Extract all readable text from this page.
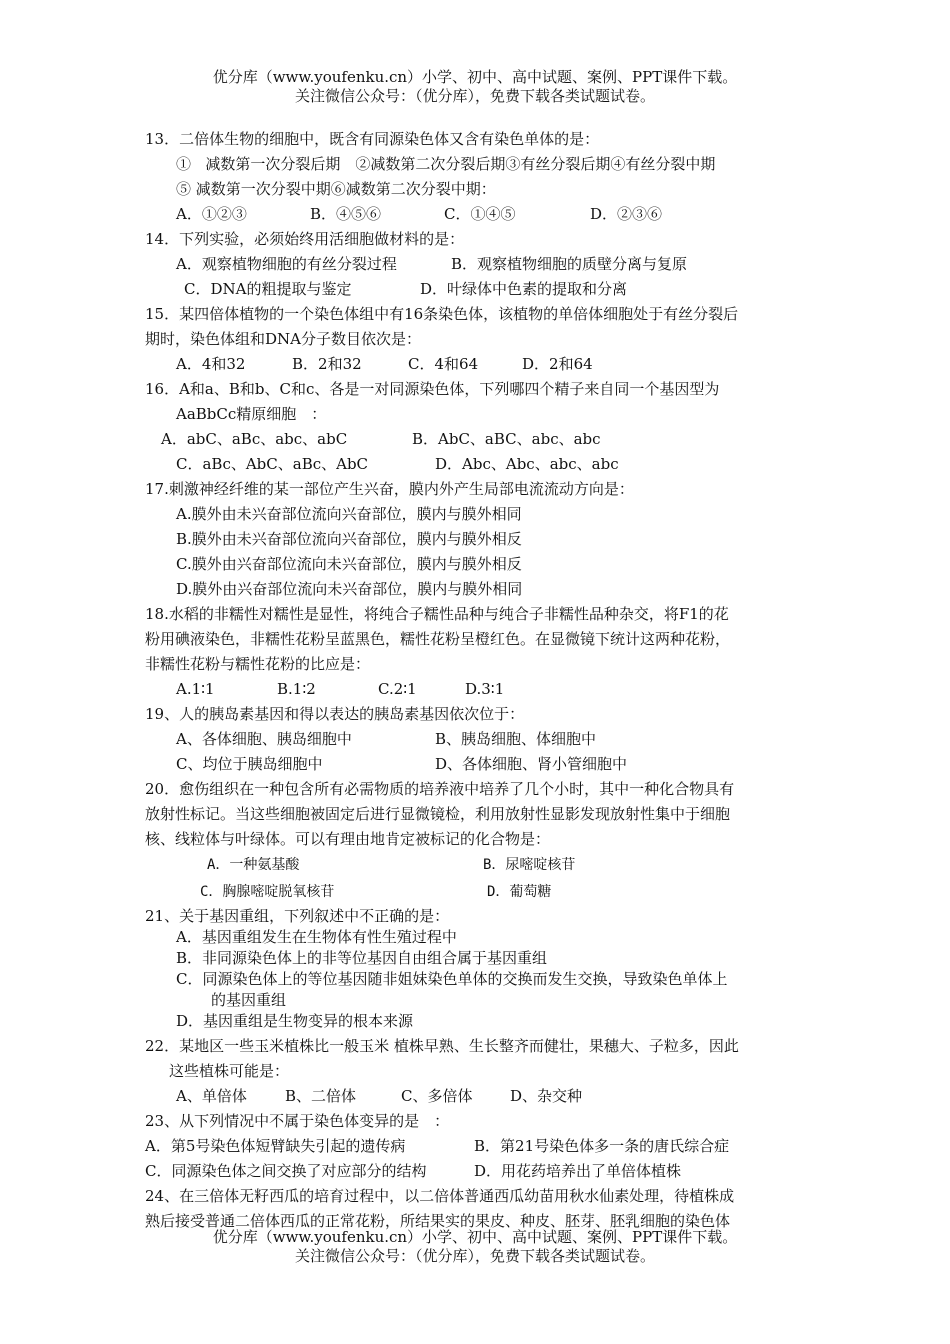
优分库（www.youfenku.cn）小学、初中、高中试题、案例、PPT课件下载。
关注微信公众号：（优分库），免费下载各类试题试卷。
13．二倍体生物的细胞中，既含有同源染色体又含有染色单体的是：
① 减数第一次分裂后期　②减数第二次分裂后期③有丝分裂后期④有丝分裂中期
⑤ 减数第一次分裂中期⑥减数第二次分裂中期：
A．①②③	B．④⑤⑥	C．①④⑤	D．②③⑥
14．下列实验，必须始终用活细胞做材料的是：
A．观察植物细胞的有丝分裂过程	B．观察植物细胞的质壁分离与复原
C．DNA的粗提取与鉴定	D．叶绿体中色素的提取和分离
15．某四倍体植物的一个染色体组中有16条染色体，该植物的单倍体细胞处于有丝分裂后
期时，染色体组和DNA分子数目依次是：
A．4和32	B．2和32	C．4和64	D．2和64
16．A和a、B和b、C和c、各是一对同源染色体，下列哪四个精子来自同一个基因型为
AaBbCc精原细胞　：
A．abC、aBc、abc、abC	B．AbC、aBC、abc、abc
C．aBc、AbC、aBc、AbC	D．Abc、Abc、abc、abc
17.刺激神经纤维的某一部位产生兴奋，膜内外产生局部电流流动方向是：
A.膜外由未兴奋部位流向兴奋部位，膜内与膜外相同
B.膜外由未兴奋部位流向兴奋部位，膜内与膜外相反
C.膜外由兴奋部位流向未兴奋部位，膜内与膜外相反
D.膜外由兴奋部位流向未兴奋部位，膜内与膜外相同
18.水稻的非糯性对糯性是显性，将纯合子糯性品种与纯合子非糯性品种杂交，将F1的花
粉用碘液染色，非糯性花粉呈蓝黑色，糯性花粉呈橙红色。在显微镜下统计这两种花粉，
非糯性花粉与糯性花粉的比应是：
A.1∶1	B.1∶2	C.2∶1	D.3∶1
19、人的胰岛素基因和得以表达的胰岛素基因依次位于：
A、各体细胞、胰岛细胞中	B、胰岛细胞、体细胞中
C、均位于胰岛细胞中	D、各体细胞、肾小管细胞中
20．愈伤组织在一种包含所有必需物质的培养液中培养了几个小时，其中一种化合物具有
放射性标记。当这些细胞被固定后进行显微镜检，利用放射性显影发现放射性集中于细胞
核、线粒体与叶绿体。可以有理由地肯定被标记的化合物是：
A．一种氨基酸	B．尿嘧啶核苷
C．胸腺嘧啶脱氧核苷	D．葡萄糖
21、关于基因重组，下列叙述中不正确的是：
A．基因重组发生在生物体有性生殖过程中
B．非同源染色体上的非等位基因自由组合属于基因重组
C．同源染色体上的等位基因随非姐妹染色单体的交换而发生交换，导致染色单体上
的基因重组
D．基因重组是生物变异的根本来源
22．某地区一些玉米植株比一般玉米 植株早熟、生长整齐而健壮，果穗大、子粒多，因此
这些植株可能是：
A、单倍体	B、二倍体	C、多倍体	D、杂交种
23、从下列情况中不属于染色体变异的是　：
A．第5号染色体短臂缺失引起的遗传病	B．第21号染色体多一条的唐氏综合症
C．同源染色体之间交换了对应部分的结构	D．用花药培养出了单倍体植株
24、在三倍体无籽西瓜的培育过程中，以二倍体普通西瓜幼苗用秋水仙素处理，待植株成
熟后接受普通二倍体西瓜的正常花粉，所结果实的果皮、种皮、胚芽、胚乳细胞的染色体
优分库（www.youfenku.cn）小学、初中、高中试题、案例、PPT课件下载。
关注微信公众号：（优分库），免费下载各类试题试卷。
